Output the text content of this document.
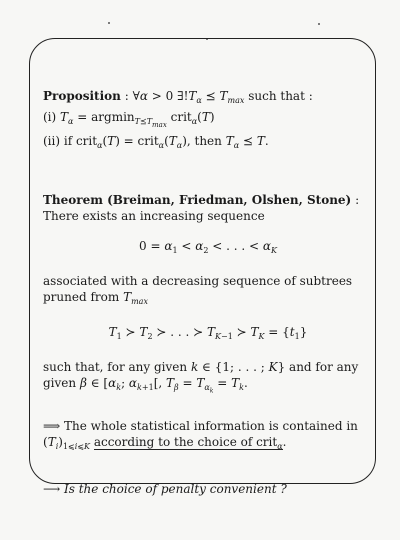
Proposition : ∀α > 0 $\exists!T_\alpha$ ⪯ $T_{max}$ such that :
(i) $T_\alpha = argmin_{T⪯Tmax}$ crit$_\alpha$(T)
(ii) if crit$_\alpha$(T) = $crit_\alpha(T_\alpha)$, then $T_\alpha$ ⪯ T.
Theorem (Breiman, Friedman, Olshen, Stone) :
There exists an increasing sequence
$0 = \alpha_1 < \alpha_2$ < . . . < $\alpha_K$
associated with a decreasing sequence of subtrees
pruned from $T_{max}$
$T_1$ ≻ $T_2$ ≻ . . . ≻ $T_{K-1}$ ≻ $T_K = \{t_1\}$
such that, for any given k ∈ {1; . . . ; K} and for any
given β ∈ [$\alpha_k$; $\alpha_{k+1}$[, $T_\beta = T_{\alpha_k} = T_k$.
⟹ The whole statistical information is contained in
$(T_i)_{1⩽i⩽K}$ according to the choice of crit$_\alpha$.
⟶ Is the choice of penalty convenient ?
